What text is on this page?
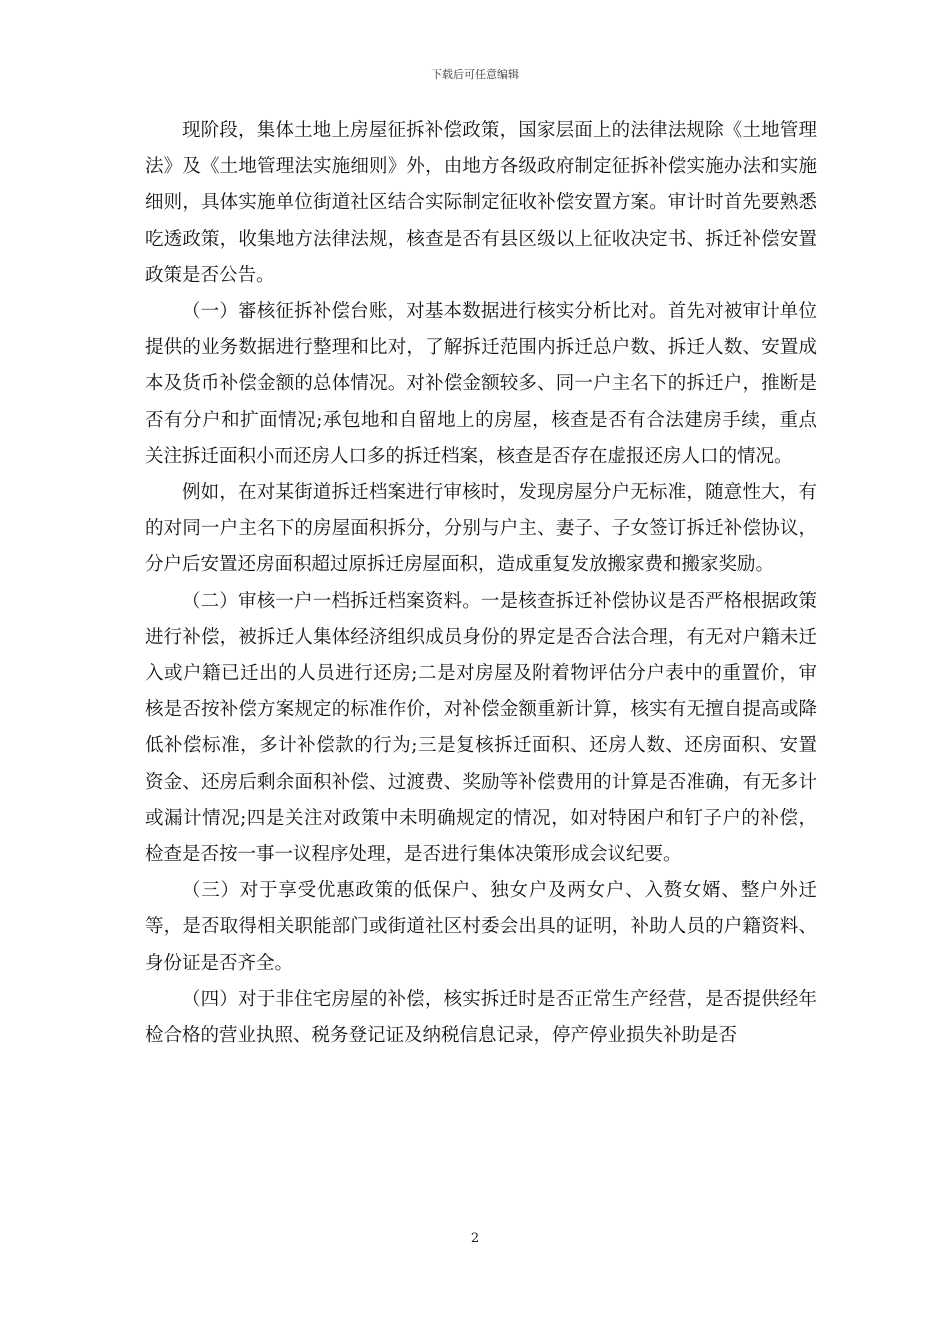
下载后可任意编辑

现阶段，集体土地上房屋征拆补偿政策，国家层面上的法律法规除《土地管理法》及《土地管理法实施细则》外，由地方各级政府制定征拆补偿实施办法和实施细则，具体实施单位街道社区结合实际制定征收补偿安置方案。审计时首先要熟悉吃透政策，收集地方法律法规，核查是否有县区级以上征收决定书、拆迁补偿安置政策是否公告。

（一）審核征拆补偿台账，对基本数据进行核实分析比对。首先对被审计单位提供的业务数据进行整理和比对，了解拆迁范围内拆迁总户数、拆迁人数、安置成本及货币补偿金额的总体情况。对补偿金额较多、同一户主名下的拆迁户，推断是否有分户和扩面情况;承包地和自留地上的房屋，核查是否有合法建房手续，重点关注拆迁面积小而还房人口多的拆迁档案，核查是否存在虚报还房人口的情况。

例如，在对某街道拆迁档案进行审核时，发现房屋分户无标准，随意性大，有的对同一户主名下的房屋面积拆分，分别与户主、妻子、子女签订拆迁补偿协议，分户后安置还房面积超过原拆迁房屋面积，造成重复发放搬家费和搬家奖励。

（二）审核一户一档拆迁档案资料。一是核查拆迁补偿协议是否严格根据政策进行补偿，被拆迁人集体经济组织成员身份的界定是否合法合理，有无对户籍未迁入或户籍已迁出的人员进行还房;二是对房屋及附着物评估分户表中的重置价，审核是否按补偿方案规定的标准作价，对补偿金额重新计算，核实有无擅自提高或降低补偿标准，多计补偿款的行为;三是复核拆迁面积、还房人数、还房面积、安置资金、还房后剩余面积补偿、过渡费、奖励等补偿费用的计算是否准确，有无多计或漏计情况;四是关注对政策中未明确规定的情况，如对特困户和钉子户的补偿，检查是否按一事一议程序处理，是否进行集体决策形成会议纪要。

（三）对于享受优惠政策的低保户、独女户及两女户、入赘女婿、整户外迁等，是否取得相关职能部门或街道社区村委会出具的证明，补助人员的户籍资料、身份证是否齐全。

（四）对于非住宅房屋的补偿，核实拆迁时是否正常生产经营，是否提供经年检合格的营业执照、税务登记证及纳税信息记录，停产停业损失补助是否

2
